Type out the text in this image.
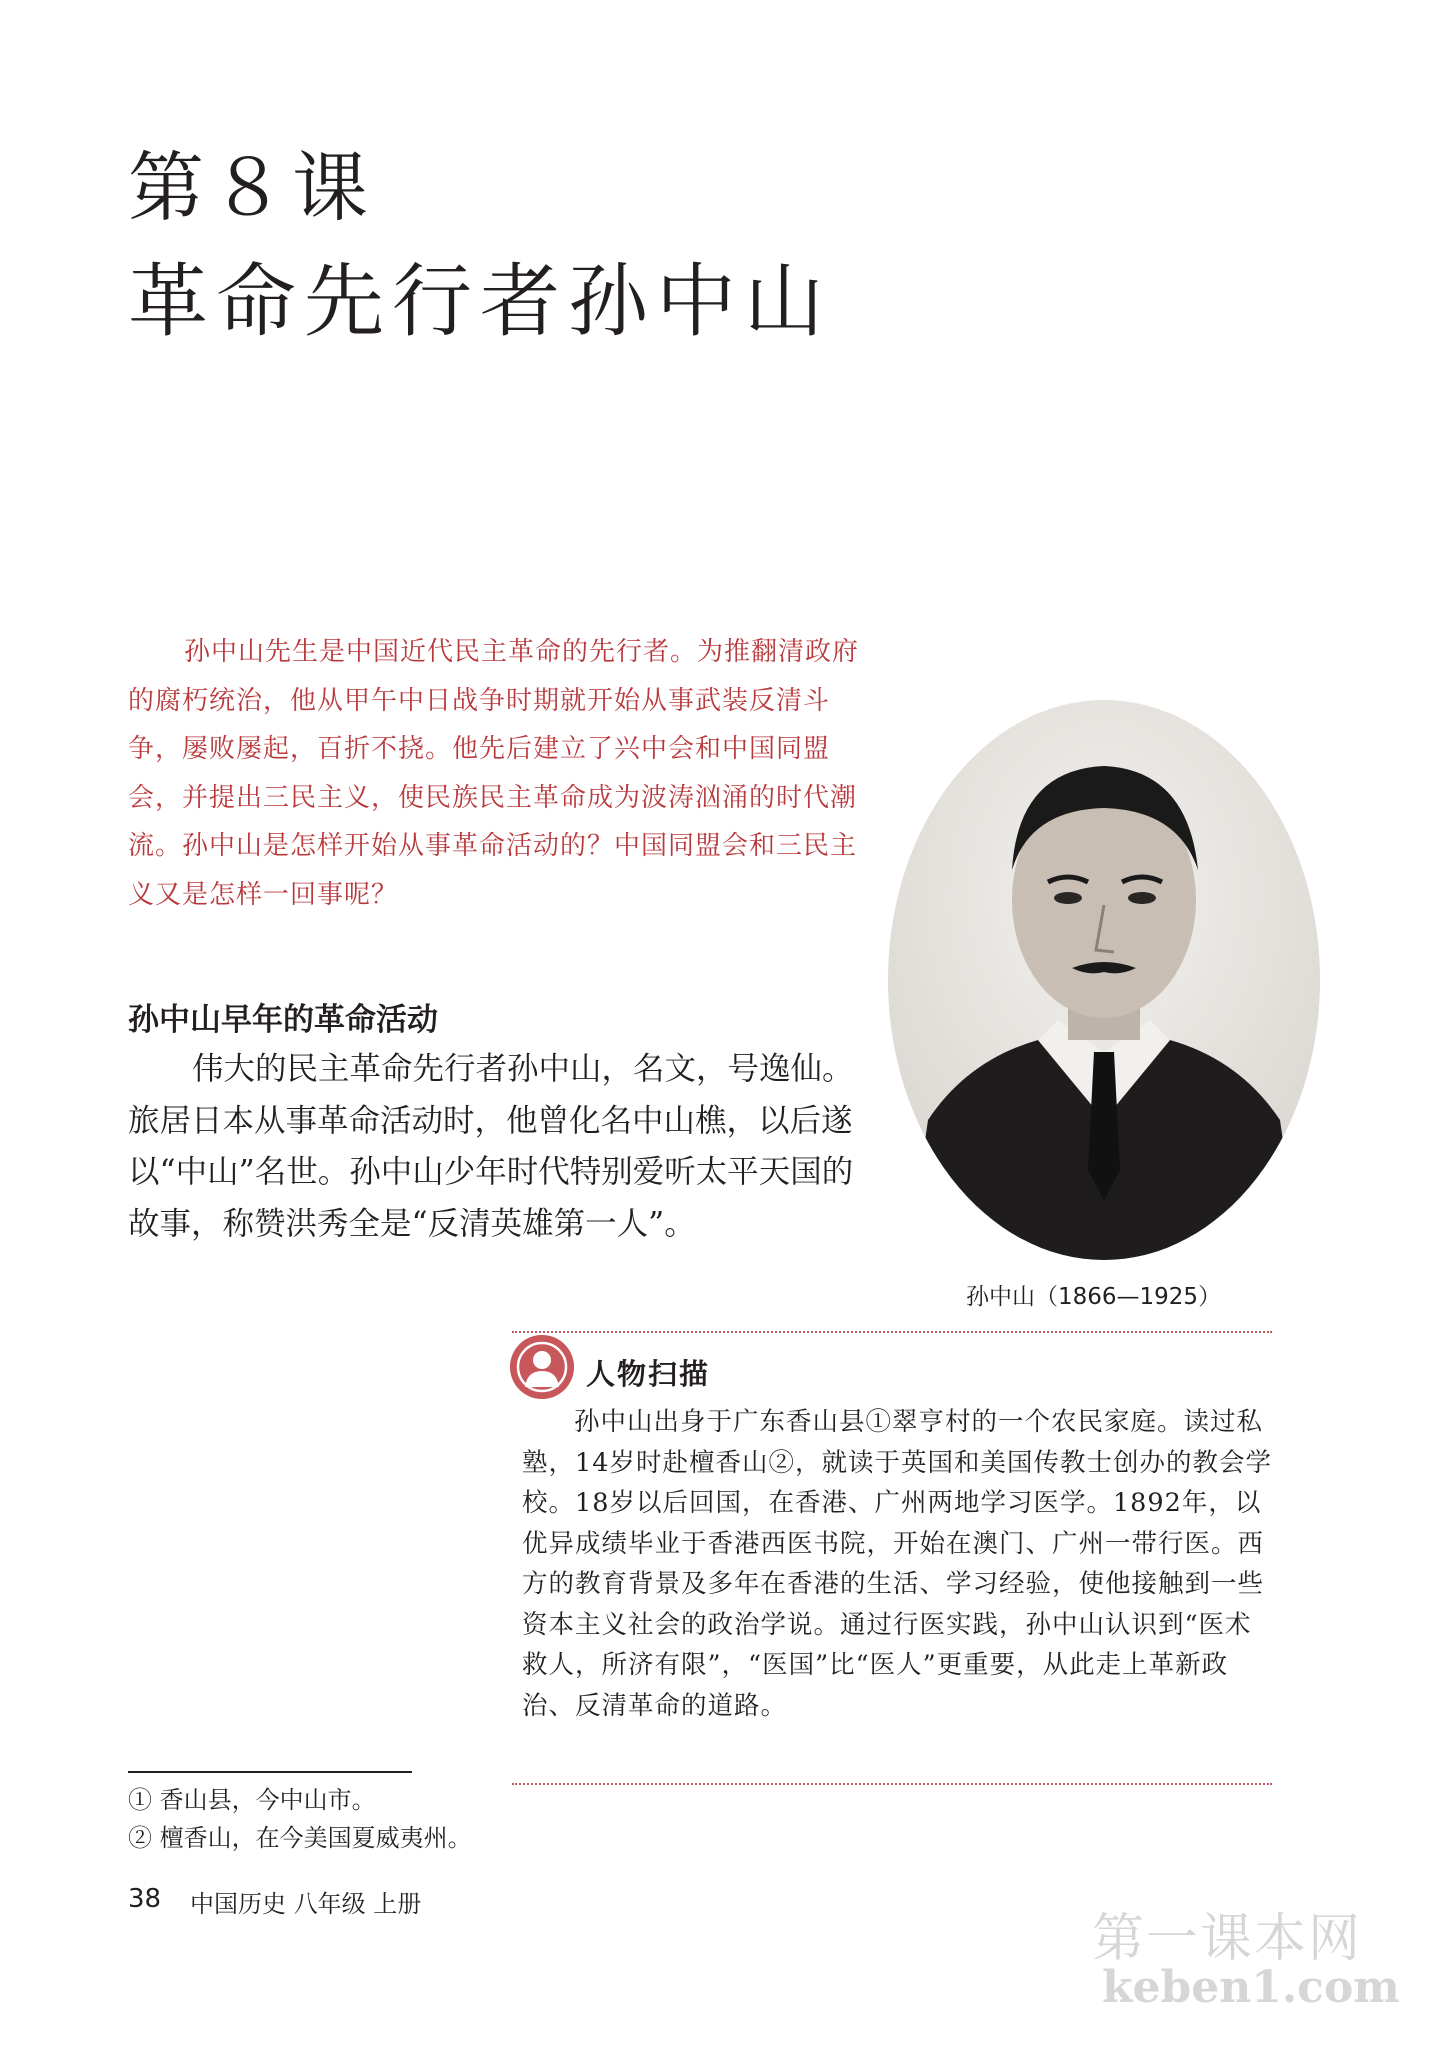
第８课
革命先行者孙中山
孙中山先生是中国近代民主革命的先行者。为推翻清政府的腐朽统治，他从甲午中日战争时期就开始从事武装反清斗争，屡败屡起，百折不挠。他先后建立了兴中会和中国同盟会，并提出三民主义，使民族民主革命成为波涛汹涌的时代潮流。孙中山是怎样开始从事革命活动的？中国同盟会和三民主义又是怎样一回事呢？
孙中山（1866—1925）
孙中山早年的革命活动
伟大的民主革命先行者孙中山，名文，号逸仙。旅居日本从事革命活动时，他曾化名中山樵，以后遂以“中山”名世。孙中山少年时代特别爱听太平天国的故事，称赞洪秀全是“反清英雄第一人”。
人物扫描
孙中山出身于广东香山县①翠亨村的一个农民家庭。读过私塾，14岁时赴檀香山②，就读于英国和美国传教士创办的教会学校。18岁以后回国，在香港、广州两地学习医学。1892年，以优异成绩毕业于香港西医书院，开始在澳门、广州一带行医。西方的教育背景及多年在香港的生活、学习经验，使他接触到一些资本主义社会的政治学说。通过行医实践，孙中山认识到“医术救人，所济有限”，“医国”比“医人”更重要，从此走上革新政治、反清革命的道路。
① 香山县，今中山市。
② 檀香山，在今美国夏威夷州。
38 中国历史 八年级 上册
第一课本网
keben1.com
